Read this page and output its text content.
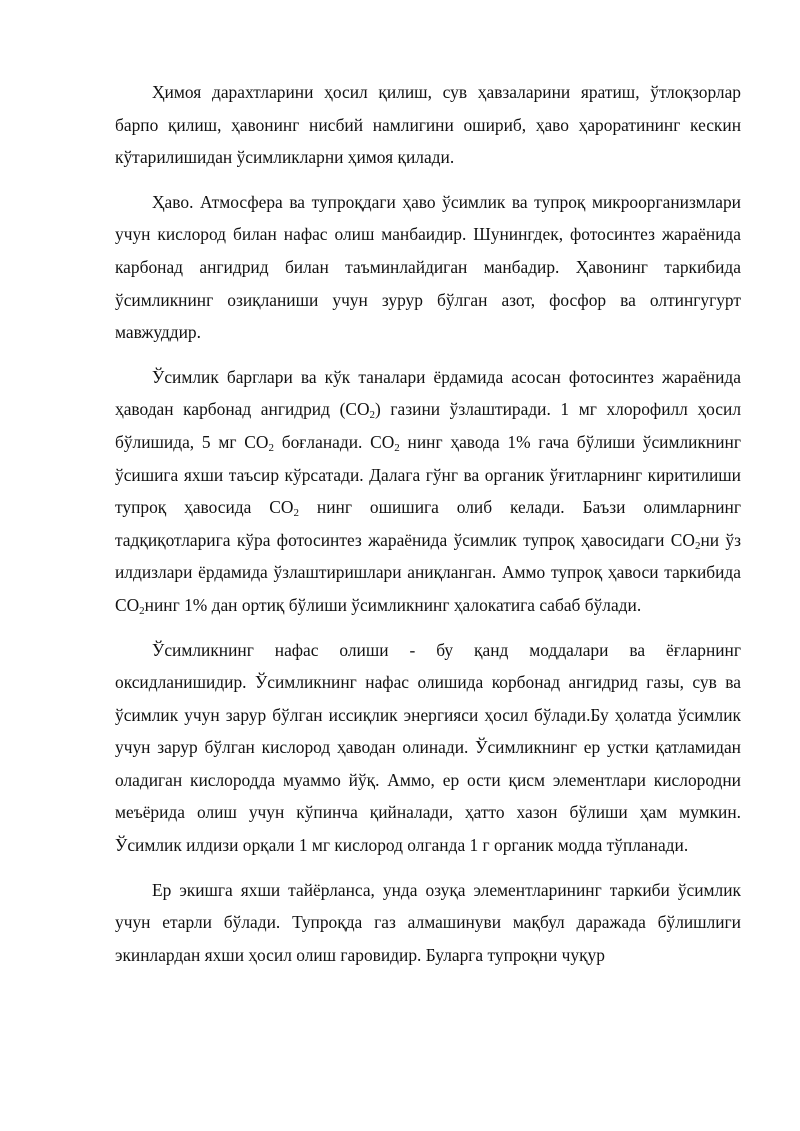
Ҳимоя дарахтларини ҳосил қилиш, сув ҳавзаларини яратиш, ўтлоқзорлар барпо қилиш, ҳавонинг нисбий намлигини ошириб, ҳаво ҳароратининг кескин кўтарилишидан ўсимликларни ҳимоя қилади.

Ҳаво. Атмосфера ва тупроқдаги ҳаво ўсимлик ва тупроқ микроорганизмлари учун кислород билан нафас олиш манбаидир. Шунингдек, фотосинтез жараёнида карбонад ангидрид билан таъминлайдиган манбадир. Ҳавонинг таркибида ўсимликнинг озиқланиши учун зурур бўлган азот, фосфор ва олтингугурт мавжуддир.

Ўсимлик барглари ва кўк таналари ёрдамида асосан фотосинтез жараёнида ҳаводан карбонад ангидрид $(СО_2)$ газини ўзлаштиради. 1 мг хлорофилл ҳосил бўлишида, 5 мг $СО_2$ боғланади. $СО_2$ нинг ҳавода 1% гача бўлиши ўсимликнинг ўсишига яхши таъсир кўрсатади. Далага гўнг ва органик ўғитларнинг киритилиши тупроқ ҳавосида $СО_2$ нинг ошишига олиб келади. Баъзи олимларнинг тадқиқотларига кўра фотосинтез жараёнида ўсимлик тупроқ ҳавосидаги $СО_2ни$ ўз илдизлари ёрдамида ўзлаштиришлари аниқланган. Аммо тупроқ ҳавоси таркибида $СО_2нинг$ 1% дан ортиқ бўлиши ўсимликнинг ҳалокатига сабаб бўлади.

Ўсимликнинг нафас олиши - бу қанд моддалари ва ёғларнинг оксидланишидир. Ўсимликнинг нафас олишида корбонад ангидрид газы, сув ва ўсимлик учун зарур бўлган иссиқлик энергияси ҳосил бўлади.Бу ҳолатда ўсимлик учун зарур бўлган кислород ҳаводан олинади. Ўсимликнинг ер устки қатламидан оладиган кислородда муаммо йўқ. Аммо, ер ости қисм элементлари кислородни меъёрида олиш учун кўпинча қийналади, ҳатто хазон бўлиши ҳам мумкин. Ўсимлик илдизи орқали 1 мг кислород олганда 1 г органик модда тўпланади.

Ер экишга яхши тайёрланса, унда озуқа элементларининг таркиби ўсимлик учун етарли бўлади. Тупроқда газ алмашинуви мақбул даражада бўлишлиги экинлардан яхши ҳосил олиш гаровидир. Буларга тупроқни чуқур
